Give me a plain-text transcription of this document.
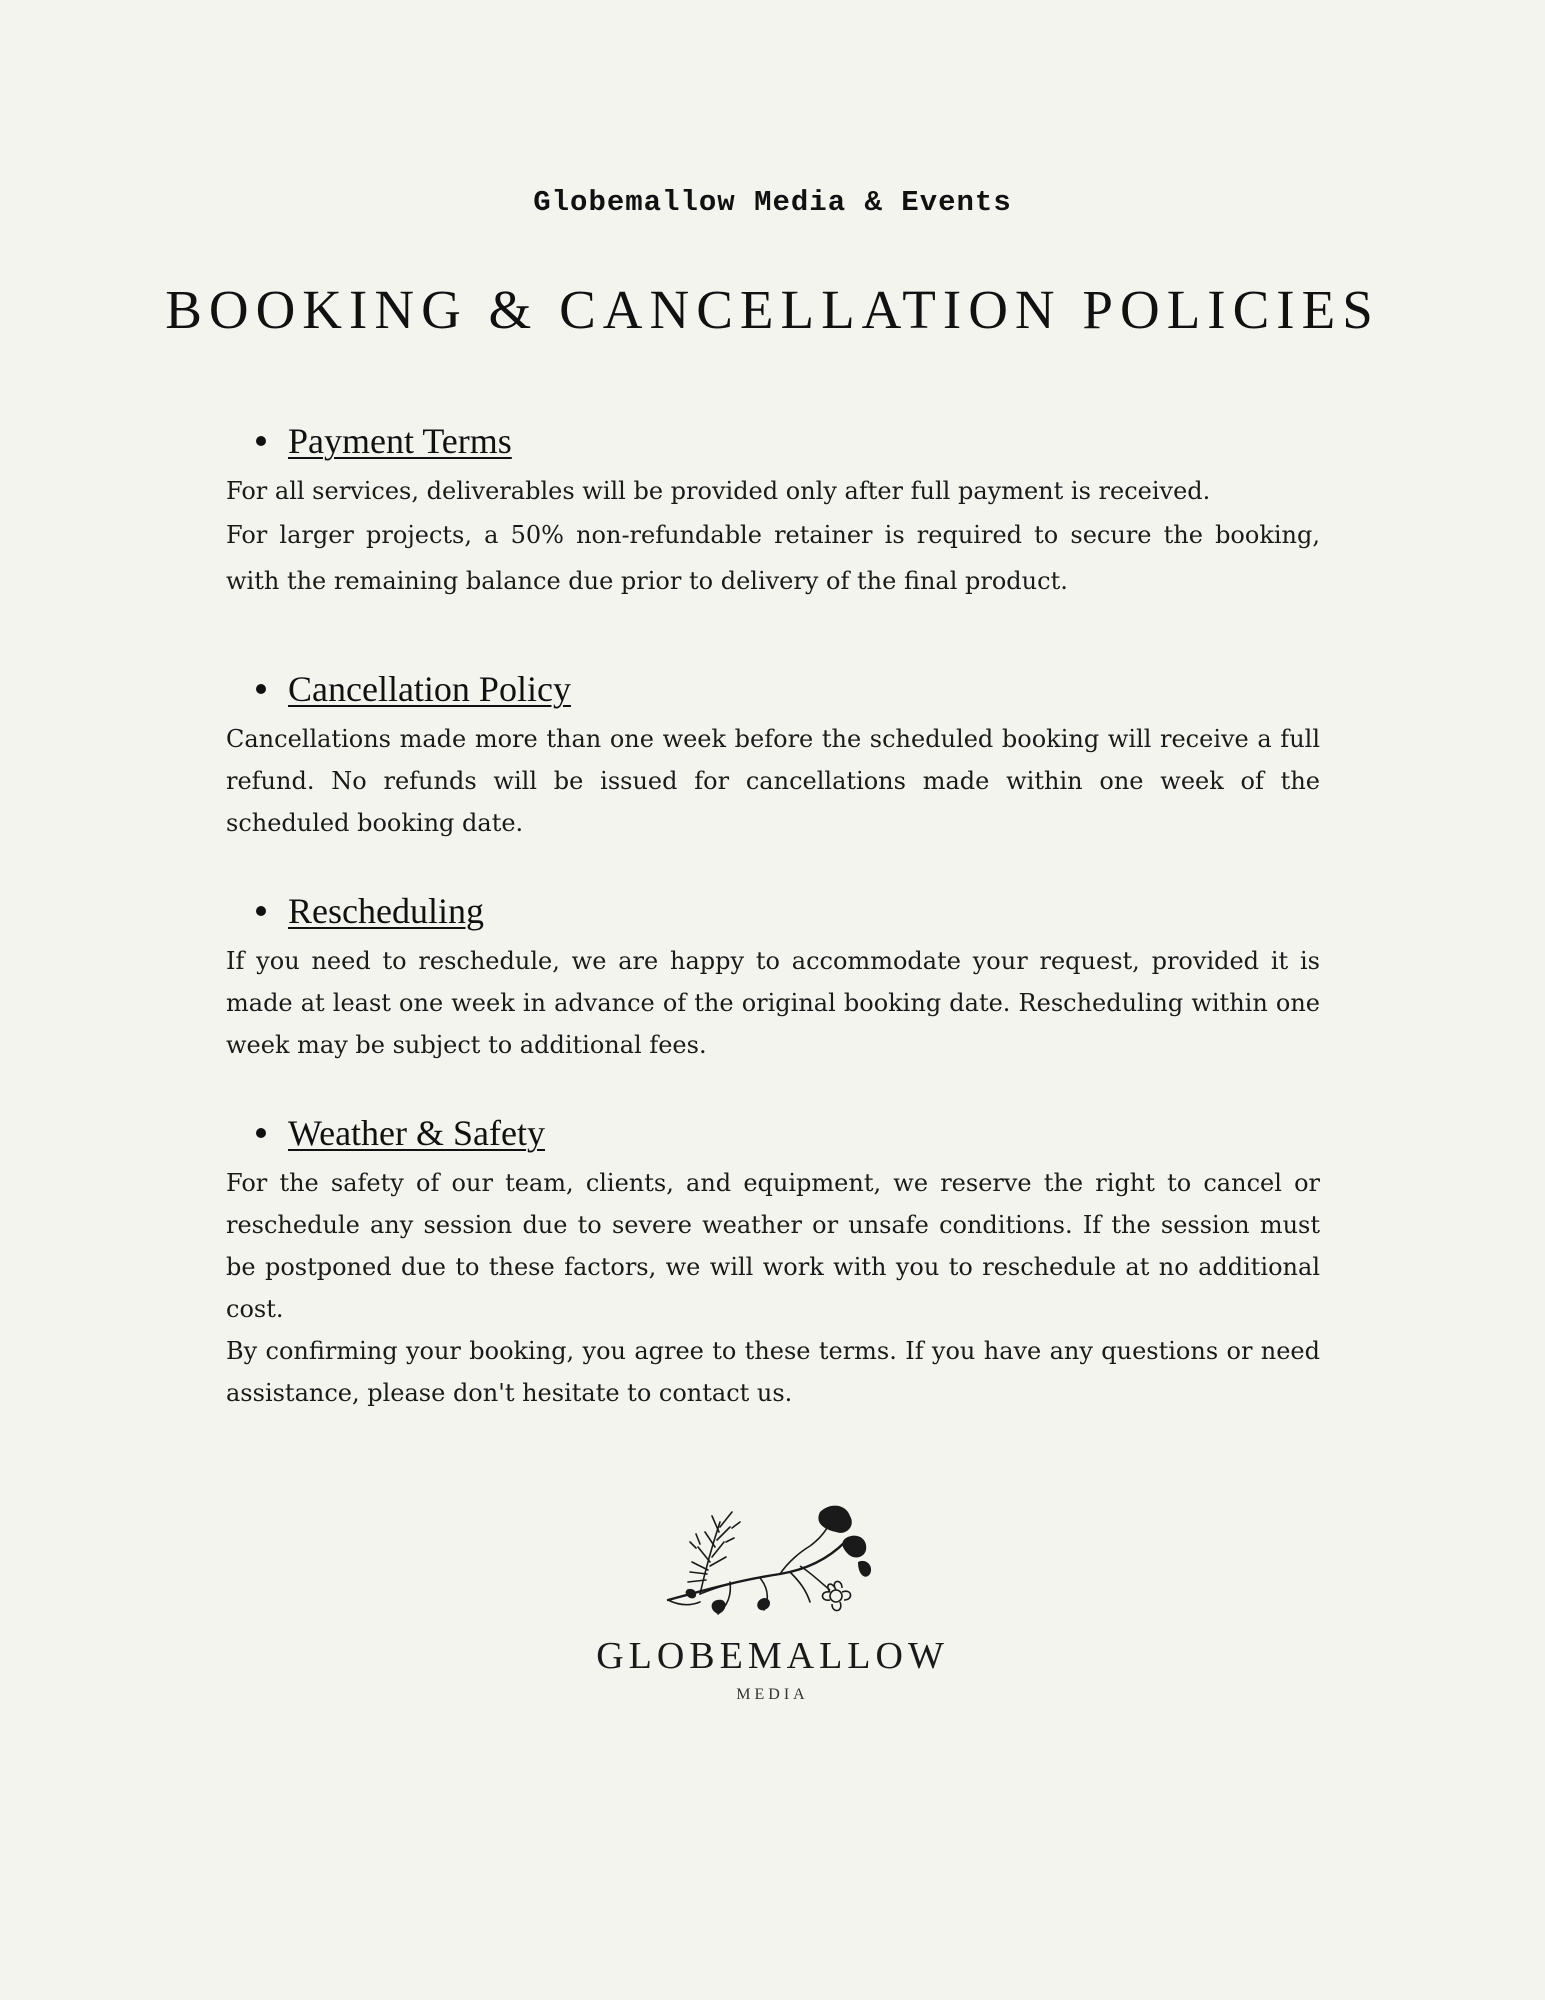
Globemallow Media & Events
BOOKING & CANCELLATION POLICIES
Payment Terms

For all services, deliverables will be provided only after full payment is received.

For larger projects, a 50% non-refundable retainer is required to secure the booking, with the remaining balance due prior to delivery of the final product.

Cancellation Policy

Cancellations made more than one week before the scheduled booking will receive a full refund. No refunds will be issued for cancellations made within one week of the scheduled booking date.

Rescheduling

If you need to reschedule, we are happy to accommodate your request, provided it is made at least one week in advance of the original booking date. Rescheduling within one week may be subject to additional fees.

Weather & Safety

For the safety of our team, clients, and equipment, we reserve the right to cancel or reschedule any session due to severe weather or unsafe conditions. If the session must be postponed due to these factors, we will work with you to reschedule at no additional cost.

By confirming your booking, you agree to these terms. If you have any questions or need assistance, please don't hesitate to contact us.

GLOBEMALLOW
MEDIA
